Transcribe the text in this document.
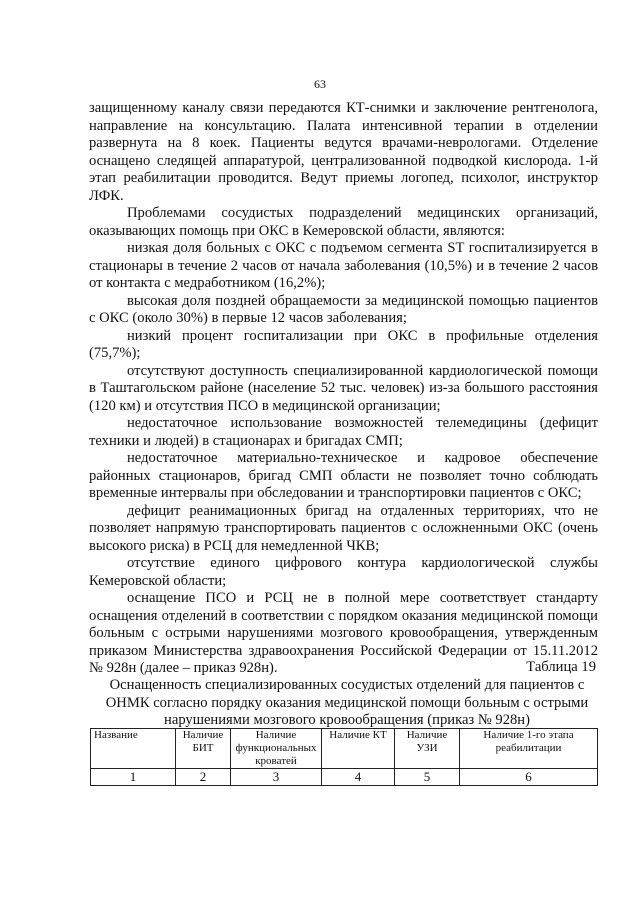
63

защищенному каналу связи передаются КТ-снимки и заключение рентгенолога, направление на консультацию. Палата интенсивной терапии в отделении развернута на 8 коек. Пациенты ведутся врачами-неврологами. Отделение оснащено следящей аппаратурой, централизованной подводкой кислорода. 1-й этап реабилитации проводится. Ведут приемы логопед, психолог, инструктор ЛФК.

Проблемами сосудистых подразделений медицинских организаций, оказывающих помощь при ОКС в Кемеровской области, являются:

низкая доля больных с ОКС с подъемом сегмента ST госпитализируется в стационары в течение 2 часов от начала заболевания (10,5%) и в течение 2 часов от контакта с медработником (16,2%);

высокая доля поздней обращаемости за медицинской помощью пациентов с ОКС (около 30%) в первые 12 часов заболевания;

низкий процент госпитализации при ОКС в профильные отделения (75,7%);

отсутствуют доступность специализированной кардиологической помощи в Таштагольском районе (население 52 тыс. человек) из-за большого расстояния (120 км) и отсутствия ПСО в медицинской организации;

недостаточное использование возможностей телемедицины (дефицит техники и людей) в стационарах и бригадах СМП;

недостаточное материально-техническое и кадровое обеспечение районных стационаров, бригад СМП области не позволяет точно соблюдать временные интервалы при обследовании и транспортировки пациентов с ОКС;

дефицит реанимационных бригад на отдаленных территориях, что не позволяет напрямую транспортировать пациентов с осложненными ОКС (очень высокого риска) в РСЦ для немедленной ЧКВ;

отсутствие единого цифрового контура кардиологической службы Кемеровской области;

оснащение ПСО и РСЦ не в полной мере соответствует стандарту оснащения отделений в соответствии с порядком оказания медицинской помощи больным с острыми нарушениями мозгового кровообращения, утвержденным приказом Министерства здравоохранения Российской Федерации от 15.11.2012 № 928н (далее – приказ 928н).	Таблица 19
Оснащенность специализированных сосудистых отделений для пациентов с ОНМК согласно порядку оказания медицинской помощи больным с острыми нарушениями мозгового кровообращения (приказ № 928н)
Название	Наличие БИТ	Наличие функциональных кроватей	Наличие КТ	Наличие УЗИ	Наличие 1-го этапа реабилитации
1	2	3	4	5	6
